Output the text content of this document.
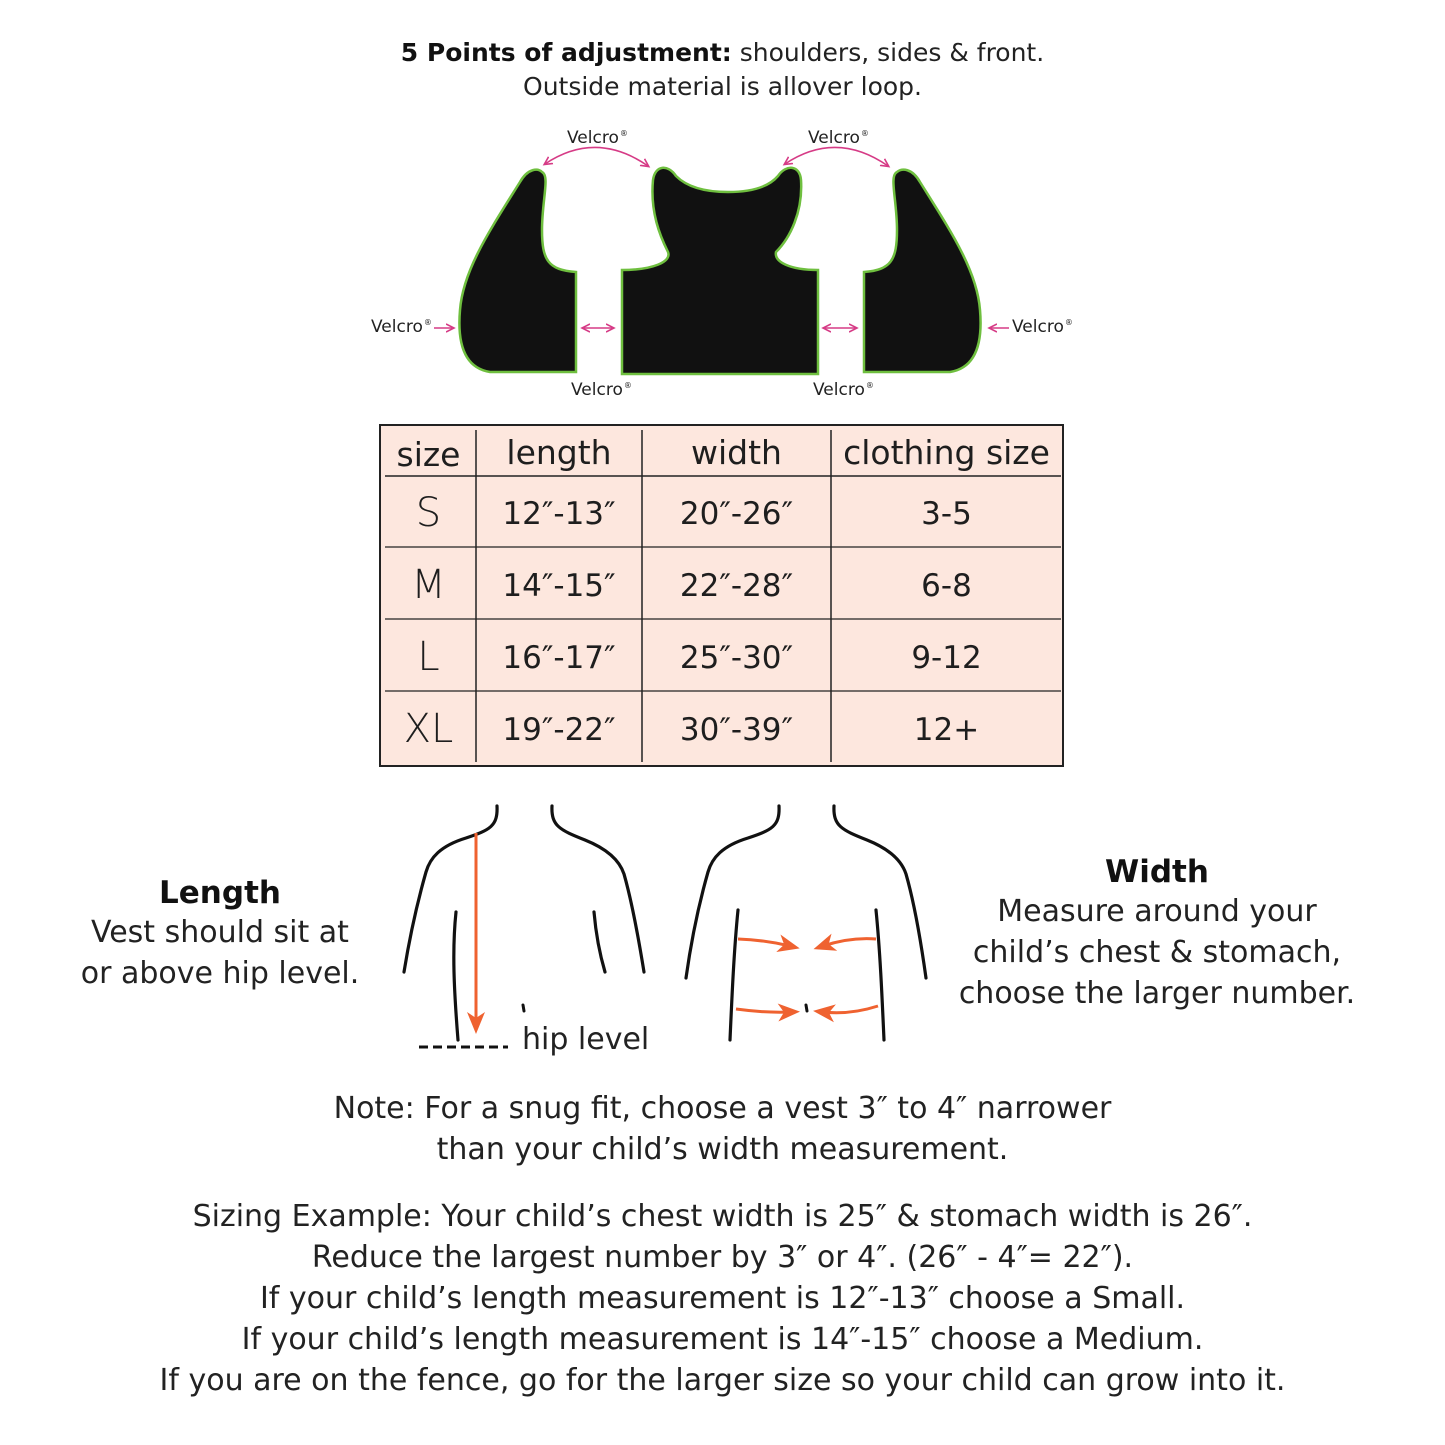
5 Points of adjustment: shoulders, sides & front.
Outside material is allover loop.
Velcro®	Velcro®
Velcro®	Velcro®
Velcro®	Velcro®
size	length	width	clothing size
S	12″-13″	20″-26″	3-5
M	14″-15″	22″-28″	6-8
L	16″-17″	25″-30″	9-12
XL	19″-22″	30″-39″	12+
Length
Vest should sit at
or above hip level.
hip level
Width
Measure around your
child’s chest & stomach,
choose the larger number.
Note: For a snug fit, choose a vest 3″ to 4″ narrower
than your child’s width measurement.
Sizing Example: Your child’s chest width is 25″ & stomach width is 26″.
Reduce the largest number by 3″ or 4″. (26″ - 4″= 22″).
If your child’s length measurement is 12″-13″ choose a Small.
If your child’s length measurement is 14″-15″ choose a Medium.
If you are on the fence, go for the larger size so your child can grow into it.
